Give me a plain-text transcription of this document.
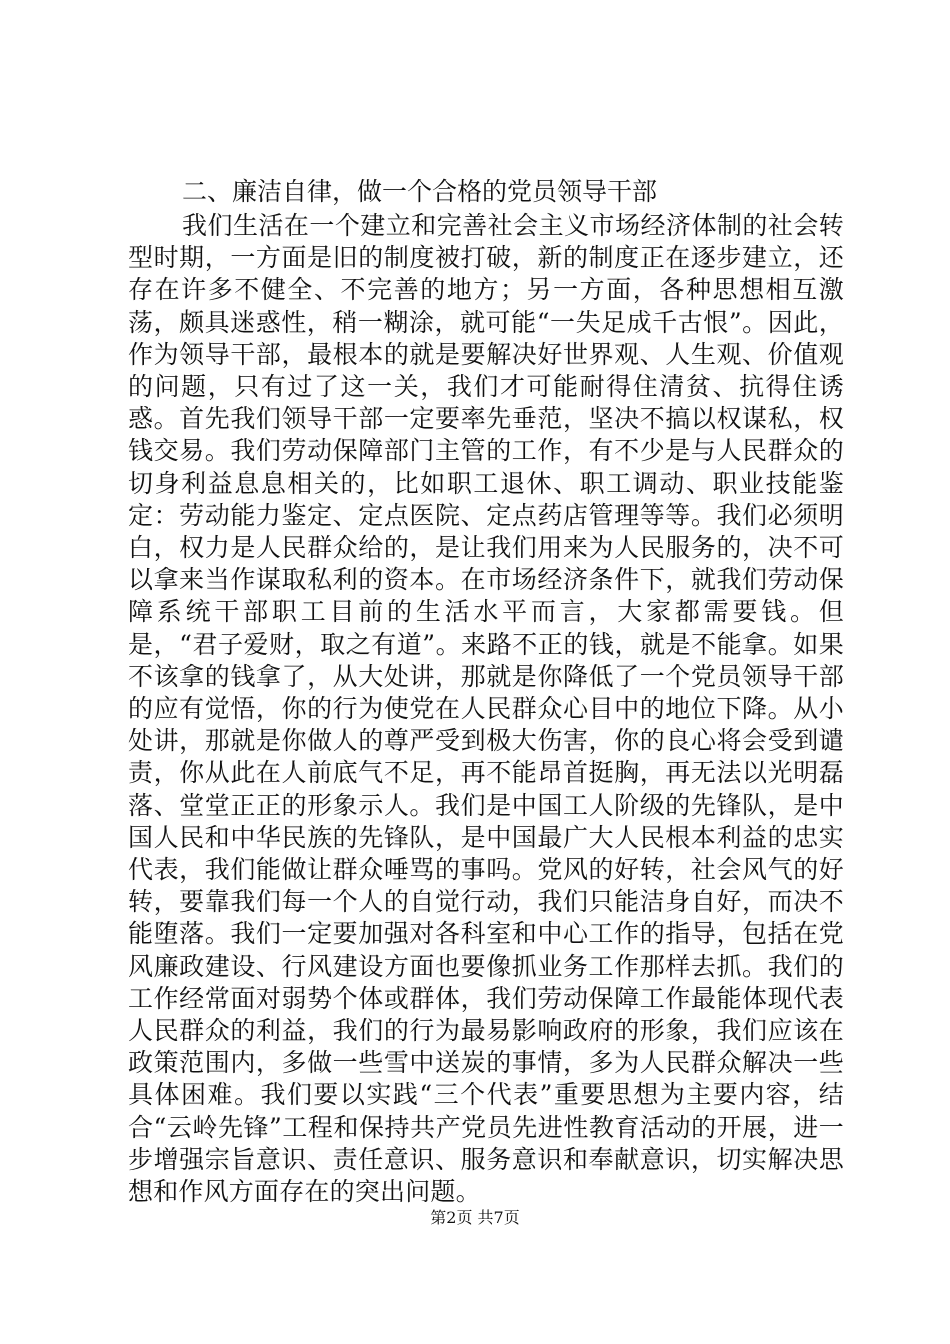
二、廉洁自律，做一个合格的党员领导干部

我们生活在一个建立和完善社会主义市场经济体制的社会转型时期，一方面是旧的制度被打破，新的制度正在逐步建立，还存在许多不健全、不完善的地方；另一方面，各种思想相互激荡，颇具迷惑性，稍一糊涂，就可能“一失足成千古恨”。因此，作为领导干部，最根本的就是要解决好世界观、人生观、价值观的问题，只有过了这一关，我们才可能耐得住清贫、抗得住诱惑。首先我们领导干部一定要率先垂范，坚决不搞以权谋私，权钱交易。我们劳动保障部门主管的工作，有不少是与人民群众的切身利益息息相关的，比如职工退休、职工调动、职业技能鉴定：劳动能力鉴定、定点医院、定点药店管理等等。我们必须明白，权力是人民群众给的，是让我们用来为人民服务的，决不可以拿来当作谋取私利的资本。在市场经济条件下，就我们劳动保障系统干部职工目前的生活水平而言，大家都需要钱。但是，“君子爱财，取之有道”。来路不正的钱，就是不能拿。如果不该拿的钱拿了，从大处讲，那就是你降低了一个党员领导干部的应有觉悟，你的行为使党在人民群众心目中的地位下降。从小处讲，那就是你做人的尊严受到极大伤害，你的良心将会受到谴责，你从此在人前底气不足，再不能昂首挺胸，再无法以光明磊落、堂堂正正的形象示人。我们是中国工人阶级的先锋队，是中国人民和中华民族的先锋队，是中国最广大人民根本利益的忠实代表，我们能做让群众唾骂的事吗。党风的好转，社会风气的好转，要靠我们每一个人的自觉行动，我们只能洁身自好，而决不能堕落。我们一定要加强对各科室和中心工作的指导，包括在党风廉政建设、行风建设方面也要像抓业务工作那样去抓。我们的工作经常面对弱势个体或群体，我们劳动保障工作最能体现代表人民群众的利益，我们的行为最易影响政府的形象，我们应该在政策范围内，多做一些雪中送炭的事情，多为人民群众解决一些具体困难。我们要以实践“三个代表”重要思想为主要内容，结合“云岭先锋”工程和保持共产党员先进性教育活动的开展，进一步增强宗旨意识、责任意识、服务意识和奉献意识，切实解决思想和作风方面存在的突出问题。

第2页 共7页
